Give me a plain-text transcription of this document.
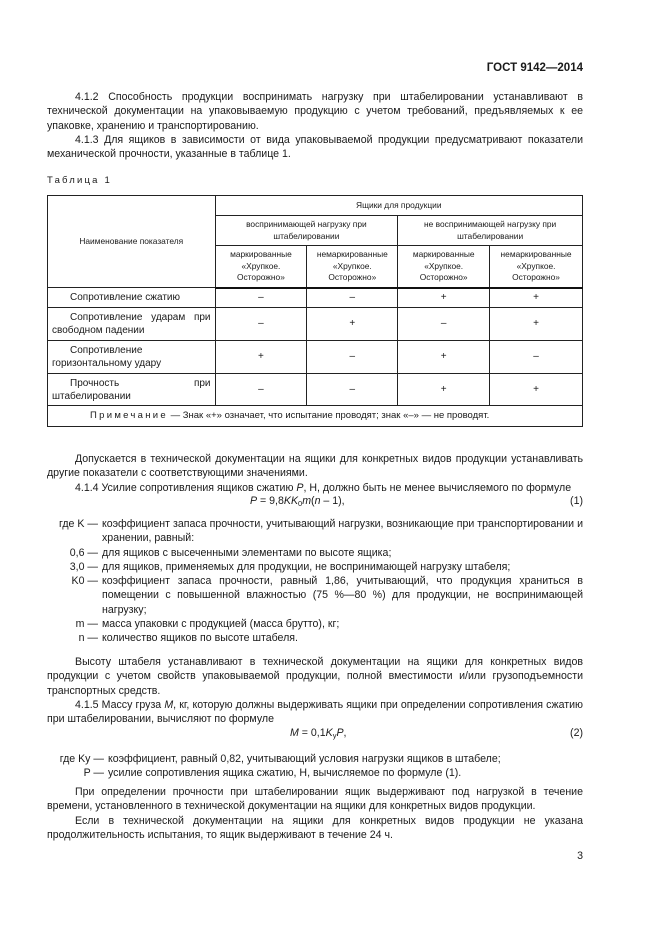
ГОСТ 9142—2014

4.1.2 Способность продукции воспринимать нагрузку при штабелировании устанавливают в технической документации на упаковываемую продукцию с учетом требований, предъявляемых к ее упаковке, хранению и транспортированию.

4.1.3 Для ящиков в зависимости от вида упаковываемой продукции предусматривают показатели механической прочности, указанные в таблице 1.

Таблица 1
Наименование показателя	Ящики для продукции			
	воспринимающей нагрузку при штабелировании		не воспринимающей нагрузку при штабелировании	
	маркированные «Хрупкое. Осторожно»	немаркированные «Хрупкое. Осторожно»	маркированные «Хрупкое. Осторожно»	немаркированные «Хрупкое. Осторожно»
Сопротивление сжатию	–	–	+	+
Сопротивление ударам при свободном падении	–	+	–	+
Сопротивление горизонтальному удару	+	–	+	–
Прочность при штабелировании	–	–	+	+
Примечание — Знак «+» означает, что испытание проводят; знак «–» — не проводят.				

Допускается в технической документации на ящики для конкретных видов продукции устанавливать другие показатели с соответствующими значениями.

4.1.4 Усилие сопротивления ящиков сжатию P, Н, должно быть не менее вычисляемого по формуле

$P = 9,8KK_0m(n - 1)$,	(1)
где K — коэффициент запаса прочности, учитывающий нагрузки, возникающие при транспортировании и хранении, равный:
0,6 — для ящиков с высеченными элементами по высоте ящика;
3,0 — для ящиков, применяемых для продукции, не воспринимающей нагрузку штабеля;
K0 — коэффициент запаса прочности, равный 1,86, учитывающий, что продукция храниться в помещении с повышенной влажностью (75 %—80 %) для продукции, не воспринимающей нагрузку;
m — масса упаковки с продукцией (масса брутто), кг;
n — количество ящиков по высоте штабеля.

Высоту штабеля устанавливают в технической документации на ящики для конкретных видов продукции с учетом свойств упаковываемой продукции, полной вместимости и/или грузоподъемности транспортных средств.

4.1.5 Массу груза M, кг, которую должны выдерживать ящики при определении сопротивления сжатию при штабелировании, вычисляют по формуле

$M = 0,1K_yP$,	(2)
где Ky — коэффициент, равный 0,82, учитывающий условия нагрузки ящиков в штабеле;
P — усилие сопротивления ящика сжатию, Н, вычисляемое по формуле (1).

При определении прочности при штабелировании ящик выдерживают под нагрузкой в течение времени, установленного в технической документации на ящики для конкретных видов продукции.

Если в технической документации на ящики для конкретных видов продукции не указана продолжительность испытания, то ящик выдерживают в течение 24 ч.

3
